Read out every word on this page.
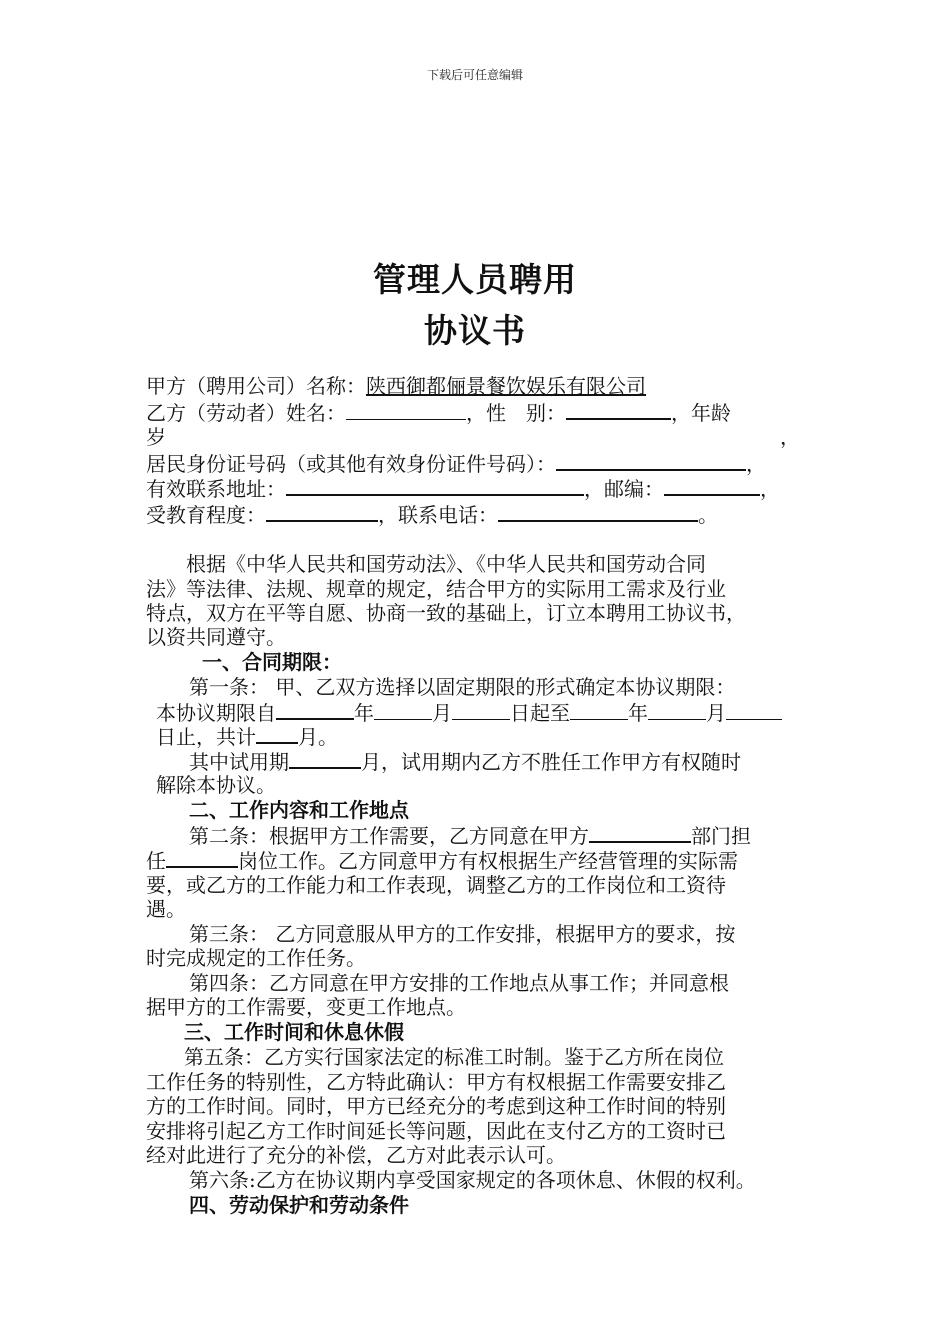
下载后可任意编辑
管理人员聘用
协议书
甲方（聘用公司）名称：陕西御都俪景餐饮娱乐有限公司
乙方（劳动者）姓名：	，性　别：	，年龄
岁	，
居民身份证号码（或其他有效身份证件号码）：	，
有效联系地址：	，邮编：	，
受教育程度：	，联系电话：	。
　　根据《中华人民共和国劳动法》、《中华人民共和国劳动合同
法》等法律、法规、规章的规定，结合甲方的实际用工需求及行业
特点，双方在平等自愿、协商一致的基础上，订立本聘用工协议书，
以资共同遵守。
一、合同期限：
第一条： 甲、乙双方选择以固定期限的形式确定本协议期限：
本协议期限自	年	月	日起至	年	月
日止，共计 月。
其中试用期	月，试用期内乙方不胜任工作甲方有权随时
解除本协议。
二、工作内容和工作地点
第二条：根据甲方工作需要，乙方同意在甲方	部门担
任	岗位工作。乙方同意甲方有权根据生产经营管理的实际需
要，或乙方的工作能力和工作表现，调整乙方的工作岗位和工资待
遇。
第三条： 乙方同意服从甲方的工作安排，根据甲方的要求，按
时完成规定的工作任务。
第四条：乙方同意在甲方安排的工作地点从事工作；并同意根
据甲方的工作需要，变更工作地点。
三、工作时间和休息休假
第五条：乙方实行国家法定的标准工时制。鉴于乙方所在岗位
工作任务的特别性，乙方特此确认：甲方有权根据工作需要安排乙
方的工作时间。同时，甲方已经充分的考虑到这种工作时间的特别
安排将引起乙方工作时间延长等问题，因此在支付乙方的工资时已
经对此进行了充分的补偿，乙方对此表示认可。
第六条:乙方在协议期内享受国家规定的各项休息、休假的权利。
四、劳动保护和劳动条件
